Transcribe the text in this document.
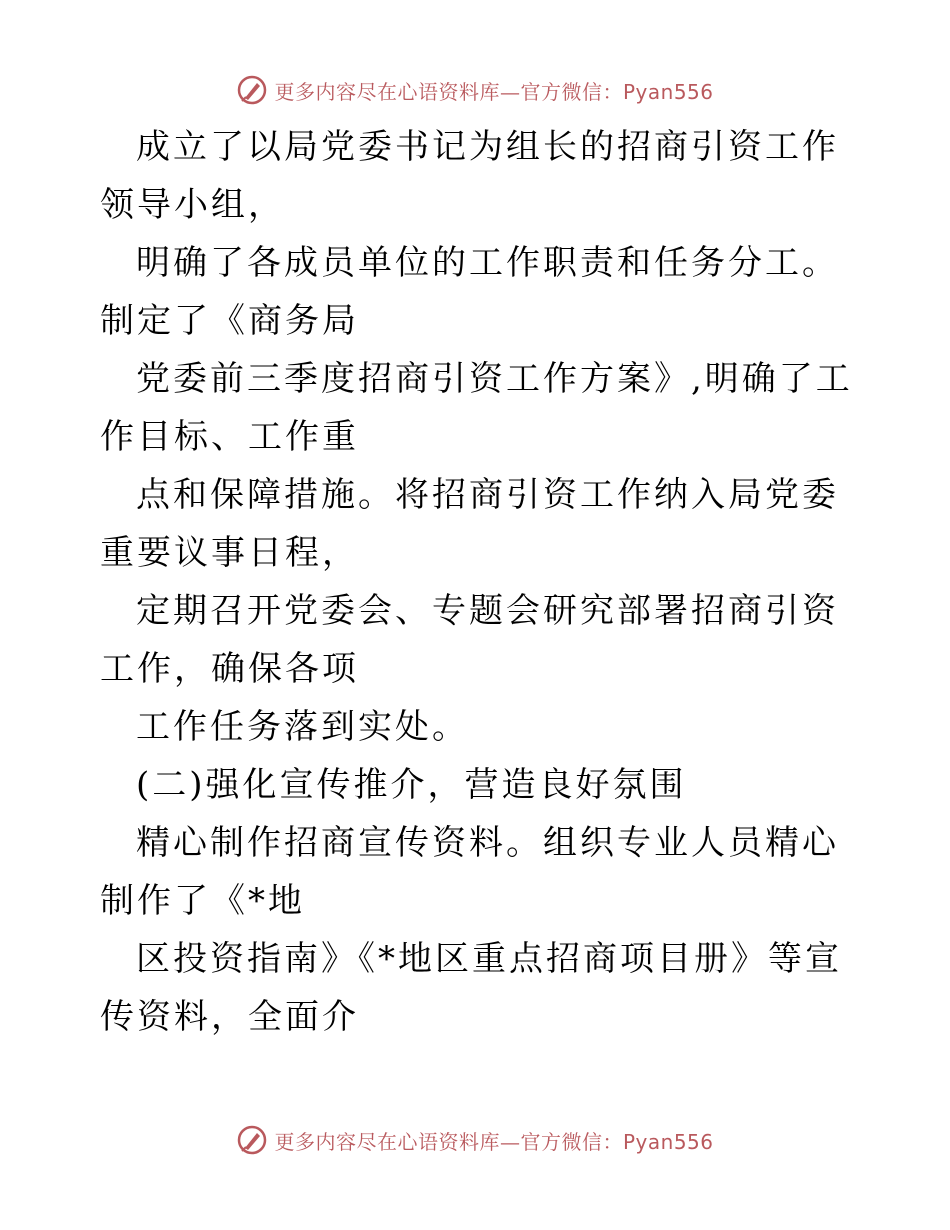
更多内容尽在心语资料库—官方微信：Pyan556

成立了以局党委书记为组长的招商引资工作领导小组，

明确了各成员单位的工作职责和任务分工。制定了《商务局

党委前三季度招商引资工作方案》,明确了工作目标、工作重

点和保障措施。将招商引资工作纳入局党委重要议事日程，

定期召开党委会、专题会研究部署招商引资工作，确保各项

工作任务落到实处。

(二)强化宣传推介，营造良好氛围

精心制作招商宣传资料。组织专业人员精心制作了《*地

区投资指南》《*地区重点招商项目册》等宣传资料，全面介

更多内容尽在心语资料库—官方微信：Pyan556
